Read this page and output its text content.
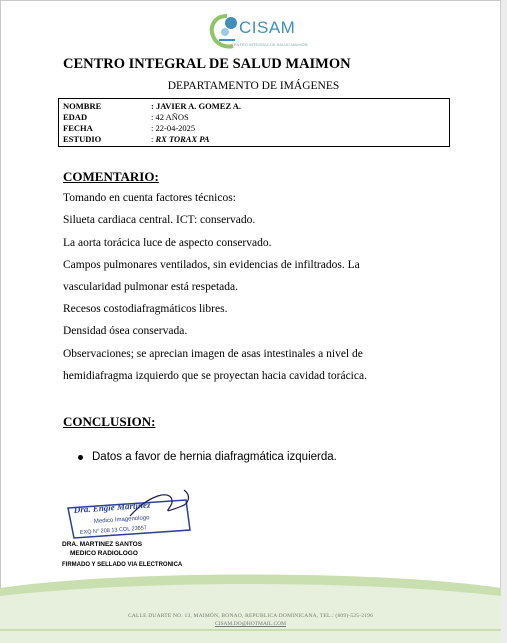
CISAM
CENTRO INTEGRAL DE SALUD MAIMON
CENTRO INTEGRAL DE SALUD MAIMON
DEPARTAMENTO DE IMÁGENES
NOMBRE	: JAVIER A. GOMEZ A.
EDAD	: 42 AÑOS
FECHA	: 22-04-2025
ESTUDIO	: RX TORAX PA
COMENTARIO:
Tomando en cuenta factores técnicos:
Silueta cardiaca central. ICT: conservado.
La aorta torácica luce de aspecto conservado.
Campos pulmonares ventilados, sin evidencias de infiltrados. La
vascularidad pulmonar está respetada.
Recesos costodiafragmáticos libres.
Densidad ósea conservada.
Observaciones; se aprecian imagen de asas intestinales a nivel de
hemidiafragma izquierdo que se proyectan hacia cavidad torácica.
CONCLUSION:
Datos a favor de hernia diafragmática izquierda.
Dra. Engie Martinez
Medico Imagenologo
EXQ N° 208 13 COL 23657
DRA. MARTINEZ SANTOS
MEDICO RADIOLOGO
FIRMADO Y SELLADO VIA ELECTRONICA
CALLE DUARTE NO. 13, MAIMÓN, BONAO, REPUBLICA DOMINICANA, TEL.: (809)-525-2196
CISAM.DO@HOTMAIL.COM
